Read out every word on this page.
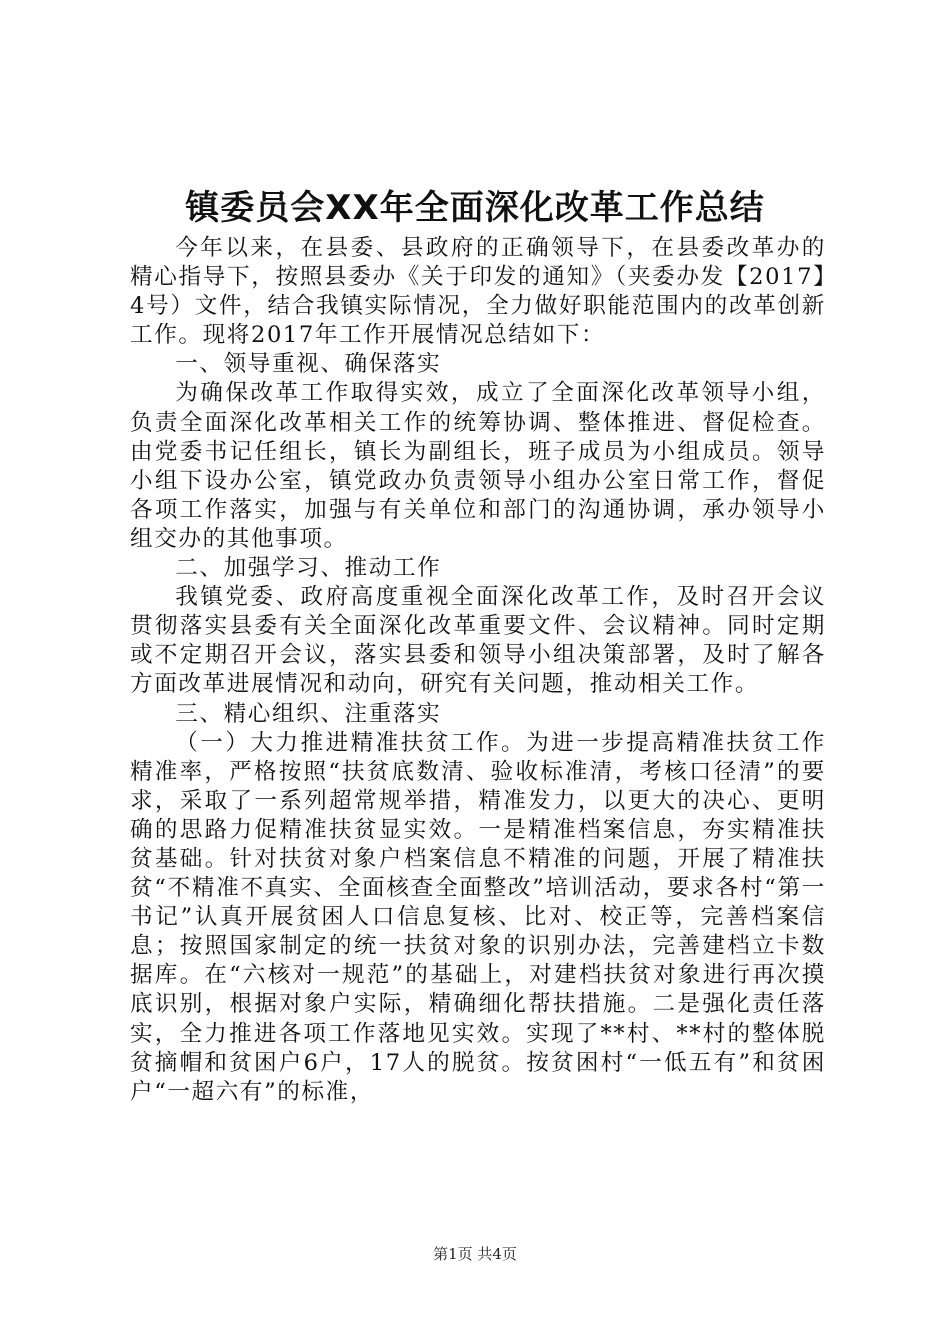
镇委员会XX年全面深化改革工作总结

今年以来，在县委、县政府的正确领导下，在县委改革办的精心指导下，按照县委办《关于印发的通知》（夹委办发【2017】4号）文件，结合我镇实际情况，全力做好职能范围内的改革创新工作。现将2017年工作开展情况总结如下：

一、领导重视、确保落实

为确保改革工作取得实效，成立了全面深化改革领导小组，负责全面深化改革相关工作的统筹协调、整体推进、督促检查。由党委书记任组长，镇长为副组长，班子成员为小组成员。领导小组下设办公室，镇党政办负责领导小组办公室日常工作，督促各项工作落实，加强与有关单位和部门的沟通协调，承办领导小组交办的其他事项。

二、加强学习、推动工作

我镇党委、政府高度重视全面深化改革工作，及时召开会议贯彻落实县委有关全面深化改革重要文件、会议精神。同时定期或不定期召开会议，落实县委和领导小组决策部署，及时了解各方面改革进展情况和动向，研究有关问题，推动相关工作。

三、精心组织、注重落实

（一）大力推进精准扶贫工作。为进一步提高精准扶贫工作精准率，严格按照“扶贫底数清、验收标准清，考核口径清”的要求，采取了一系列超常规举措，精准发力，以更大的决心、更明确的思路力促精准扶贫显实效。一是精准档案信息，夯实精准扶贫基础。针对扶贫对象户档案信息不精准的问题，开展了精准扶贫“不精准不真实、全面核查全面整改”培训活动，要求各村“第一书记”认真开展贫困人口信息复核、比对、校正等，完善档案信息；按照国家制定的统一扶贫对象的识别办法，完善建档立卡数据库。在“六核对一规范”的基础上，对建档扶贫对象进行再次摸底识别，根据对象户实际，精确细化帮扶措施。二是强化责任落实，全力推进各项工作落地见实效。实现了**村、**村的整体脱贫摘帽和贫困户6户，17人的脱贫。按贫困村“一低五有”和贫困户“一超六有”的标准，

第1页 共4页
